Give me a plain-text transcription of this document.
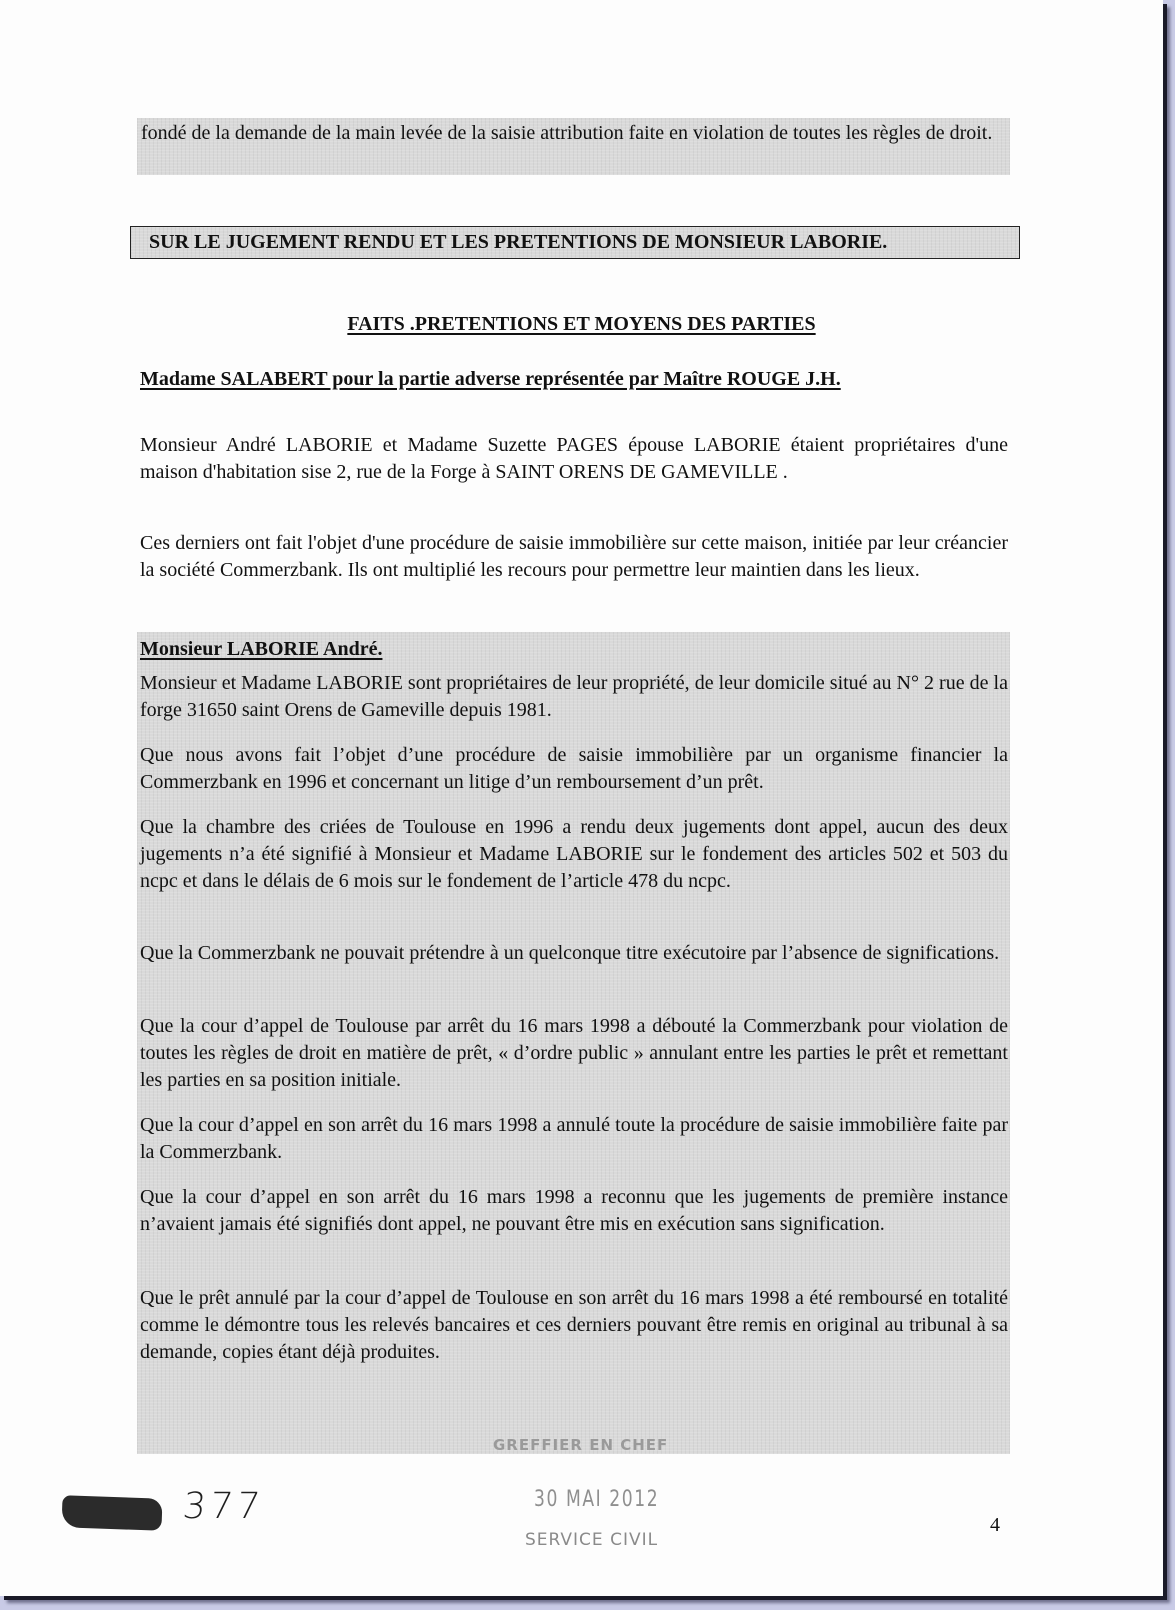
fondé de la demande de la main levée de la saisie attribution faite en violation de toutes les règles de droit.

SUR LE JUGEMENT RENDU ET LES PRETENTIONS DE MONSIEUR LABORIE.
FAITS .PRETENTIONS ET MOYENS DES PARTIES
Madame SALABERT pour la partie adverse représentée par Maître ROUGE J.H.

Monsieur André LABORIE et Madame Suzette PAGES épouse LABORIE étaient propriétaires d'une maison d'habitation sise 2, rue de la Forge à SAINT ORENS DE GAMEVILLE .

Ces derniers ont fait l'objet d'une procédure de saisie immobilière sur cette maison, initiée par leur créancier la société Commerzbank. Ils ont multiplié les recours pour permettre leur maintien dans les lieux.

Monsieur LABORIE André.

Monsieur et Madame LABORIE sont propriétaires de leur propriété, de leur domicile situé au N° 2 rue de la forge 31650 saint Orens de Gameville depuis 1981.

Que nous avons fait l’objet d’une procédure de saisie immobilière par un organisme financier la Commerzbank en 1996 et concernant un litige d’un remboursement d’un prêt.

Que la chambre des criées de Toulouse en 1996 a rendu deux jugements dont appel, aucun des deux jugements n’a été signifié à Monsieur et Madame LABORIE sur le fondement des articles 502 et 503 du ncpc et dans le délais de 6 mois sur le fondement de l’article 478 du ncpc.

Que la Commerzbank ne pouvait prétendre à un quelconque titre exécutoire par l’absence de significations.

Que la cour d’appel de Toulouse par arrêt du 16 mars 1998 a débouté la Commerzbank pour violation de toutes les règles de droit en matière de prêt, « d’ordre public » annulant entre les parties le prêt et remettant les parties en sa position initiale.

Que la cour d’appel en son arrêt du 16 mars 1998 a annulé toute la procédure de saisie immobilière faite par la Commerzbank.

Que la cour d’appel en son arrêt du 16 mars 1998 a reconnu que les jugements de première instance n’avaient jamais été signifiés dont appel, ne pouvant être mis en exécution sans signification.

Que le prêt annulé par la cour d’appel de Toulouse en son arrêt du 16 mars 1998 a été remboursé en totalité comme le démontre tous les relevés bancaires et ces derniers pouvant être remis en original au tribunal à sa demande, copies étant déjà produites.

GREFFIER EN CHEF
30 MAI 2012
SERVICE CIVIL
377	4
